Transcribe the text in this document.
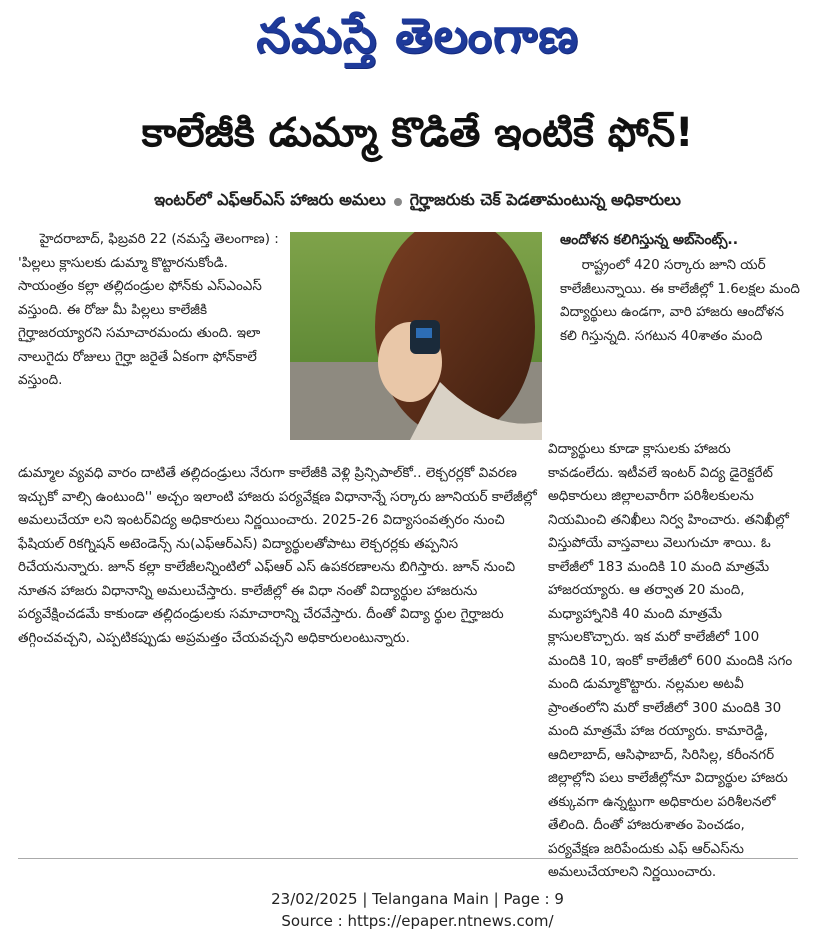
నమస్తే తెలంగాణ
కాలేజీకి డుమ్మా కొడితే ఇంటికే ఫోన్!
ఇంటర్‌లో ఎఫ్‌ఆర్‌ఎస్ హాజరు అమలు గైర్హాజరుకు చెక్ పెడతామంటున్న అధికారులు

హైదరాబాద్, ఫిబ్రవరి 22 (నమస్తే తెలంగాణ) : 'పిల్లలు క్లాసులకు డుమ్మా కొట్టారనుకోండి. సాయంత్రం కల్లా తల్లిదండ్రుల ఫోన్‌కు ఎస్‌ఎంఎస్ వస్తుంది. ఈ రోజు మీ పిల్లలు కాలేజీకి గైర్హాజరయ్యారని సమాచారమందు తుంది. ఇలా నాలుగైదు రోజులు గైర్హా జరైతే ఏకంగా ఫోన్‌కాలే వస్తుంది.

ఆందోళన కలిగిస్తున్న అబ్‌సెంట్స్..

రాష్ట్రంలో 420 సర్కారు జూని యర్ కాలేజీలున్నాయి. ఈ కాలేజీల్లో 1.6లక్షల మంది విద్యార్థులు ఉండగా, వారి హాజరు ఆందోళన కలి గిస్తున్నది. సగటున 40శాతం మంది

డుమ్మాల వ్యవధి వారం దాటితే తల్లిదండ్రులు నేరుగా కాలేజీకి వెళ్లి ప్రిన్సిపాల్‌కో.. లెక్చరర్లకో వివరణ ఇచ్చుకో వాల్సి ఉంటుంది'' అచ్చం ఇలాంటి హాజరు పర్యవేక్షణ విధానాన్నే సర్కారు జూనియర్ కాలేజీల్లో అమలుచేయా లని ఇంటర్‌విద్య అధికారులు నిర్ణయించారు. 2025-26 విద్యాసంవత్సరం నుంచి ఫేషియల్ రికగ్నిషన్ అటెండెన్స్ ను(ఎఫ్‌ఆర్‌ఎస్) విద్యార్థులతోపాటు లెక్చరర్లకు తప్పనిస రిచేయనున్నారు. జూన్ కల్లా కాలేజీలన్నింటిలో ఎఫ్‌ఆర్ ఎస్ ఉపకరణాలను బిగిస్తారు. జూన్ నుంచి నూతన హాజరు విధానాన్ని అమలుచేస్తారు. కాలేజీల్లో ఈ విధా నంతో విద్యార్థుల హాజరును పర్యవేక్షించడమే కాకుండా తల్లిదండ్రులకు సమాచారాన్ని చేరవేస్తారు. దీంతో విద్యా ర్థుల గైర్హాజరు తగ్గించవచ్చని, ఎప్పటికప్పుడు అప్రమత్తం చేయవచ్చని అధికారులంటున్నారు.

విద్యార్థులు కూడా క్లాసులకు హాజరు కావడంలేదు. ఇటీవలే ఇంటర్ విద్య డైరెక్టరేట్ అధికారులు జిల్లాలవారీగా పరిశీలకులను నియమించి తనిఖీలు నిర్వ హించారు. తనిఖీల్లో విస్తుపోయే వాస్తవాలు వెలుగుచూ శాయి. ఓ కాలేజీలో 183 మందికి 10 మంది మాత్రమే హాజరయ్యారు. ఆ తర్వాత 20 మంది, మధ్యాహ్నానికి 40 మంది మాత్రమే క్లాసులకొచ్చారు. ఇక మరో కాలేజీలో 100 మందికి 10, ఇంకో కాలేజీలో 600 మందికి సగం మంది డుమ్మాకొట్టారు. నల్లమల అటవీ ప్రాంతంలోని మరో కాలేజీలో 300 మందికి 30 మంది మాత్రమే హాజ రయ్యారు. కామారెడ్డి, ఆదిలాబాద్, ఆసిఫాబాద్, సిరిసిల్ల, కరీంనగర్ జిల్లాల్లోని పలు కాలేజీల్లోనూ విద్యార్థుల హాజరు తక్కువగా ఉన్నట్టుగా అధికారుల పరిశీలనలో తేలింది. దీంతో హాజరుశాతం పెంచడం, పర్యవేక్షణ జరిపేందుకు ఎఫ్ ఆర్‌ఎస్‌ను అమలుచేయాలని నిర్ణయించారు.

23/02/2025 | Telangana Main | Page : 9
Source : https://epaper.ntnews.com/
